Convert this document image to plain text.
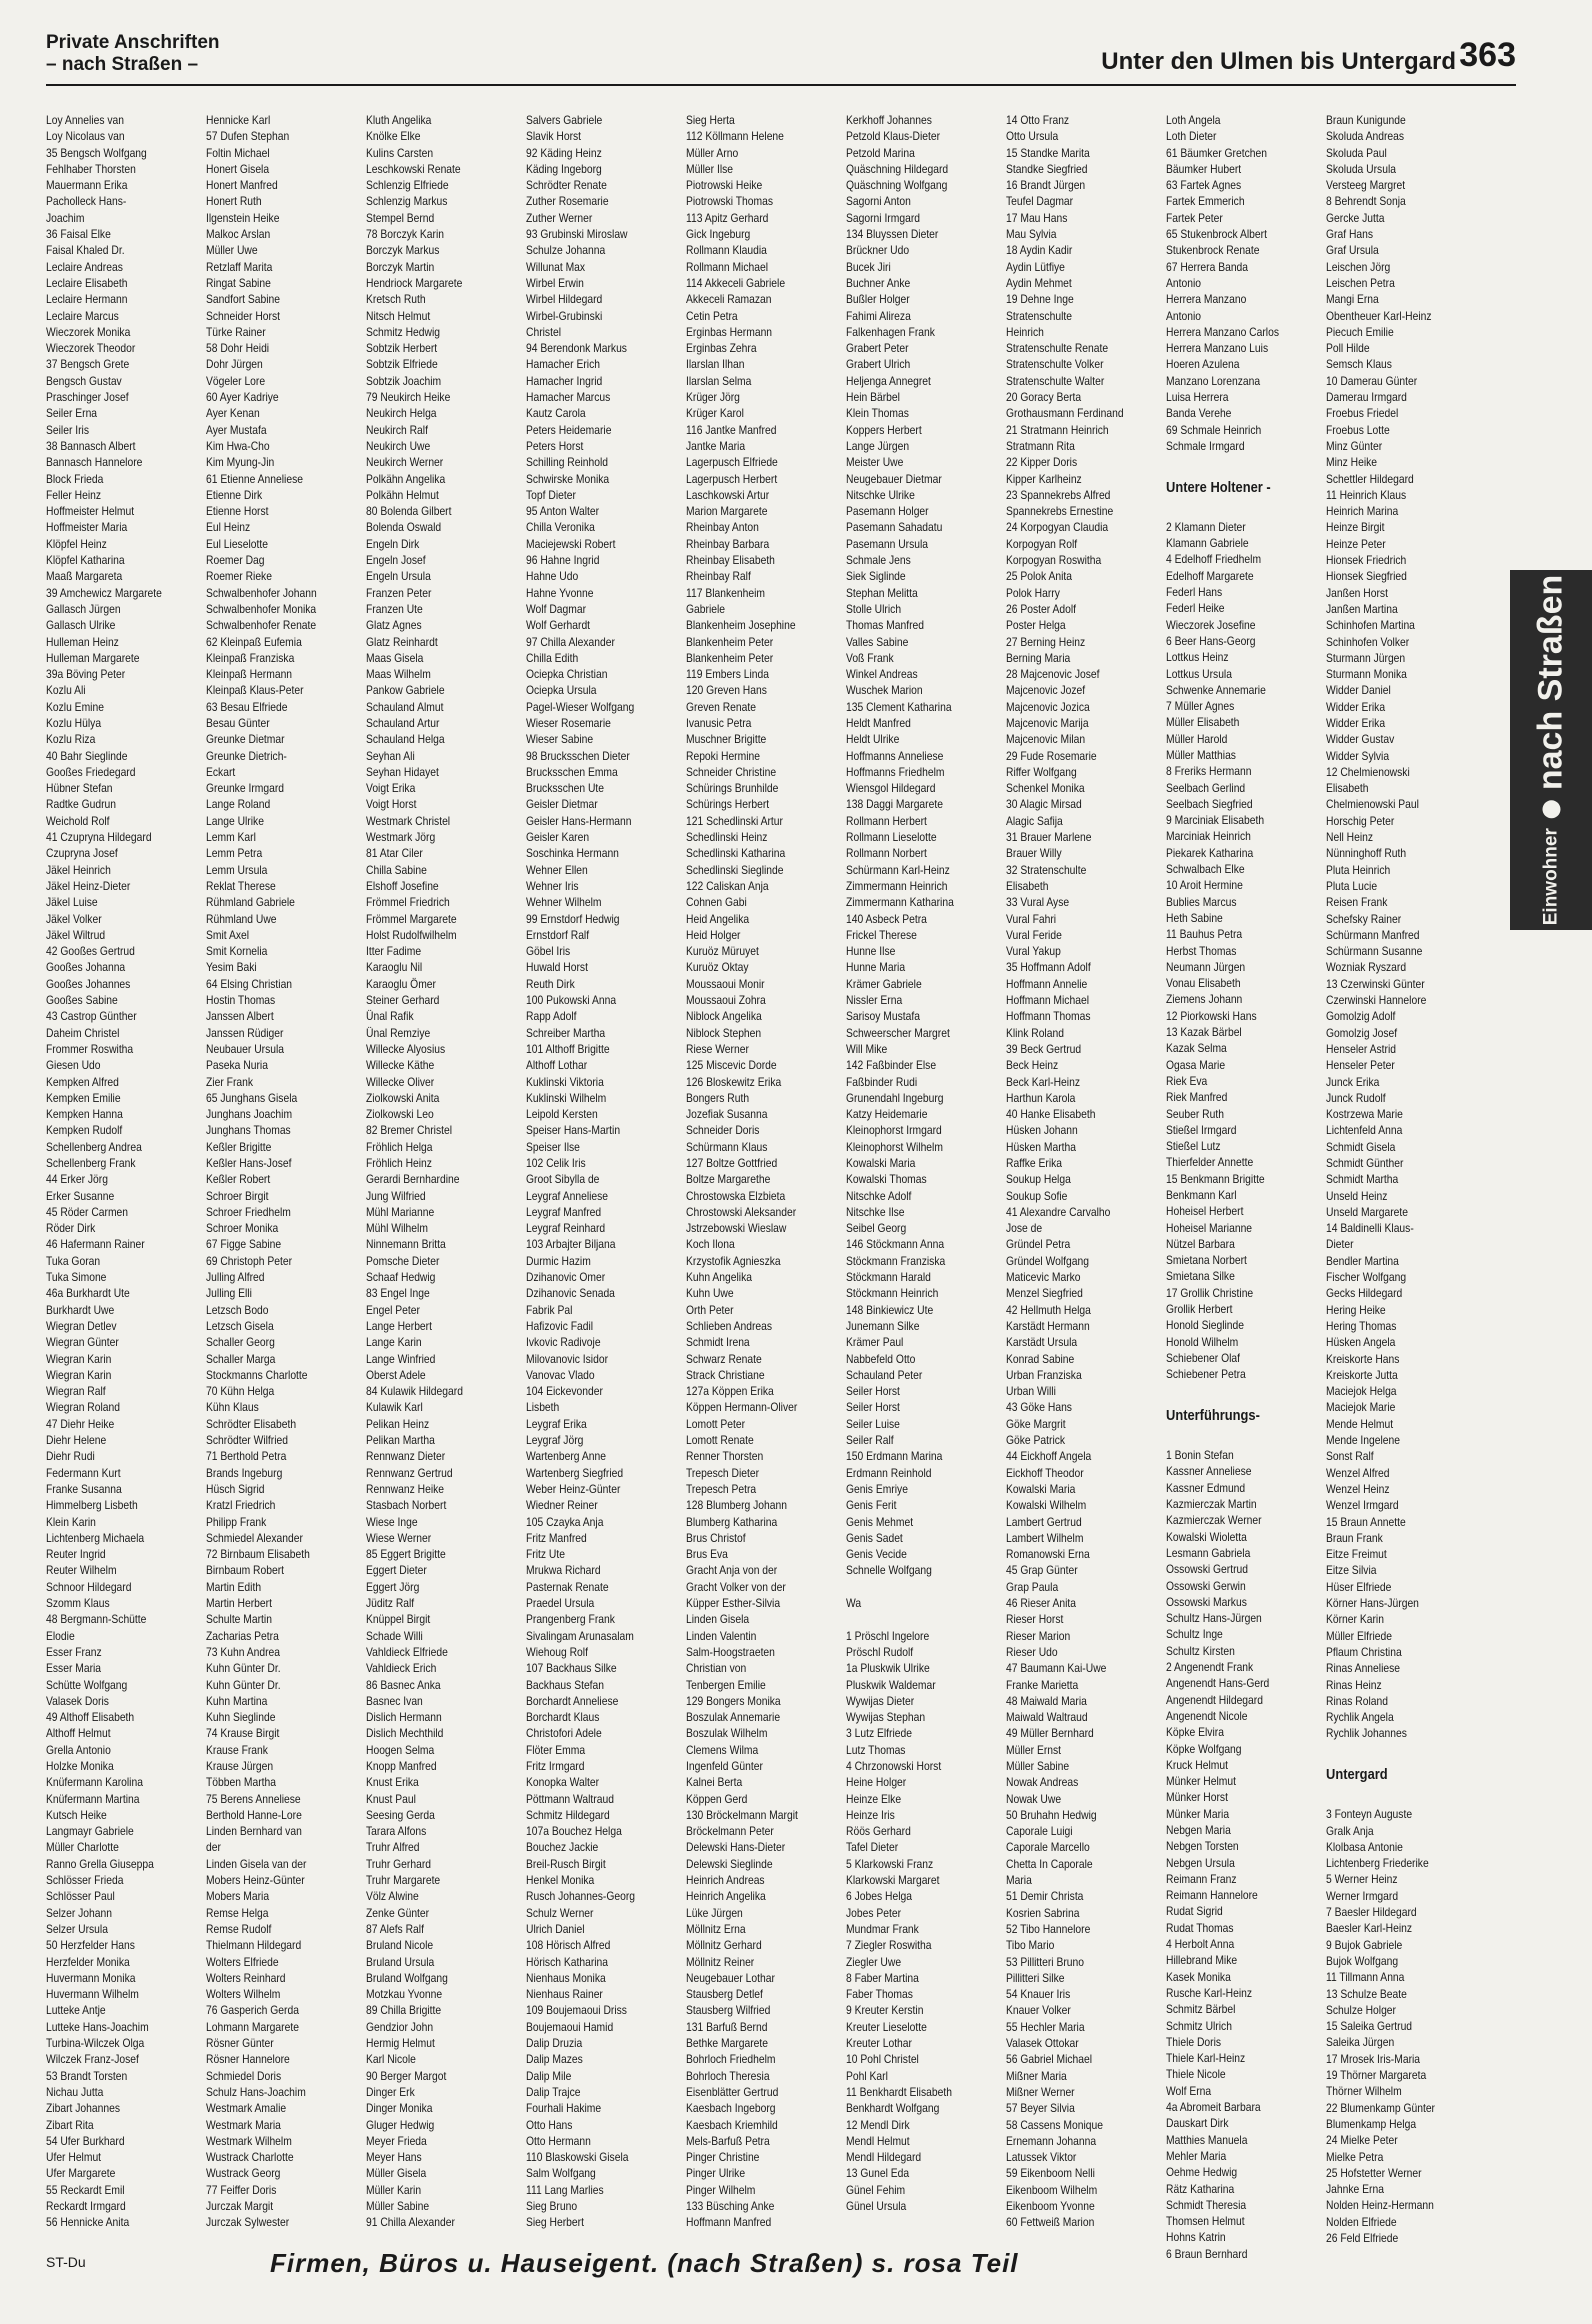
Private Anschriften
– nach Straßen –	Unter den Ulmen bis Untergard 363
Loy Annelies van
Loy Nicolaus van
35 Bengsch Wolfgang
Fehlhaber Thorsten
Mauermann Erika
Pacholleck Hans-
Joachim
36 Faisal Elke
Faisal Khaled Dr.
Leclaire Andreas
Leclaire Elisabeth
Leclaire Hermann
Leclaire Marcus
Wieczorek Monika
Wieczorek Theodor
37 Bengsch Grete
Bengsch Gustav
Praschinger Josef
Seiler Erna
Seiler Iris
38 Bannasch Albert
Bannasch Hannelore
Block Frieda
Feller Heinz
Hoffmeister Helmut
Hoffmeister Maria
Klöpfel Heinz
Klöpfel Katharina
Maaß Margareta
39 Amchewicz Margarete
Gallasch Jürgen
Gallasch Ulrike
Hulleman Heinz
Hulleman Margarete
39a Böving Peter
Kozlu Ali
Kozlu Emine
Kozlu Hülya
Kozlu Riza
40 Bahr Sieglinde
Gooßes Friedegard
Hübner Stefan
Radtke Gudrun
Weichold Rolf
41 Czupryna Hildegard
Czupryna Josef
Jäkel Heinrich
Jäkel Heinz-Dieter
Jäkel Luise
Jäkel Volker
Jäkel Wiltrud
42 Gooßes Gertrud
Gooßes Johanna
Gooßes Johannes
Gooßes Sabine
43 Castrop Günther
Daheim Christel
Frommer Roswitha
Giesen Udo
Kempken Alfred
Kempken Emilie
Kempken Hanna
Kempken Rudolf
Schellenberg Andrea
Schellenberg Frank
44 Erker Jörg
Erker Susanne
45 Röder Carmen
Röder Dirk
46 Hafermann Rainer
Tuka Goran
Tuka Simone
46a Burkhardt Ute
Burkhardt Uwe
Wiegran Detlev
Wiegran Günter
Wiegran Karin
Wiegran Karin
Wiegran Ralf
Wiegran Roland
47 Diehr Heike
Diehr Helene
Diehr Rudi
Federmann Kurt
Franke Susanna
Himmelberg Lisbeth
Klein Karin
Lichtenberg Michaela
Reuter Ingrid
Reuter Wilhelm
Schnoor Hildegard
Szomm Klaus
48 Bergmann-Schütte
Elodie
Esser Franz
Esser Maria
Schütte Wolfgang
Valasek Doris
49 Althoff Elisabeth
Althoff Helmut
Grella Antonio
Holzke Monika
Knüfermann Karolina
Knüfermann Martina
Kutsch Heike
Langmayr Gabriele
Müller Charlotte
Ranno Grella Giuseppa
Schlösser Frieda
Schlösser Paul
Selzer Johann
Selzer Ursula
50 Herzfelder Hans
Herzfelder Monika
Huvermann Monika
Huvermann Wilhelm
Lutteke Antje
Lutteke Hans-Joachim
Turbina-Wilczek Olga
Wilczek Franz-Josef
53 Brandt Torsten
Nichau Jutta
Zibart Johannes
Zibart Rita
54 Ufer Burkhard
Ufer Helmut
Ufer Margarete
55 Reckardt Emil
Reckardt Irmgard
56 Hennicke Anita
Hennicke Karl
57 Dufen Stephan
Foltin Michael
Honert Gisela
Honert Manfred
Honert Ruth
Ilgenstein Heike
Malkoc Arslan
Müller Uwe
Retzlaff Marita
Ringat Sabine
Sandfort Sabine
Schneider Horst
Türke Rainer
58 Dohr Heidi
Dohr Jürgen
Vögeler Lore
60 Ayer Kadriye
Ayer Kenan
Ayer Mustafa
Kim Hwa-Cho
Kim Myung-Jin
61 Etienne Anneliese
Etienne Dirk
Etienne Horst
Eul Heinz
Eul Lieselotte
Roemer Dag
Roemer Rieke
Schwalbenhofer Johann
Schwalbenhofer Monika
Schwalbenhofer Renate
62 Kleinpaß Eufemia
Kleinpaß Franziska
Kleinpaß Hermann
Kleinpaß Klaus-Peter
63 Besau Elfriede
Besau Günter
Greunke Dietmar
Greunke Dietrich-
Eckart
Greunke Irmgard
Lange Roland
Lange Ulrike
Lemm Karl
Lemm Petra
Lemm Ursula
Reklat Therese
Rühmland Gabriele
Rühmland Uwe
Smit Axel
Smit Kornelia
Yesim Baki
64 Elsing Christian
Hostin Thomas
Janssen Albert
Janssen Rüdiger
Neubauer Ursula
Paseka Nuria
Zier Frank
65 Junghans Gisela
Junghans Joachim
Junghans Thomas
Keßler Brigitte
Keßler Hans-Josef
Keßler Robert
Schroer Birgit
Schroer Friedhelm
Schroer Monika
67 Figge Sabine
69 Christoph Peter
Julling Alfred
Julling Elli
Letzsch Bodo
Letzsch Gisela
Schaller Georg
Schaller Marga
Stockmanns Charlotte
70 Kühn Helga
Kühn Klaus
Schrödter Elisabeth
Schrödter Wilfried
71 Berthold Petra
Brands Ingeburg
Hüsch Sigrid
Kratzl Friedrich
Philipp Frank
Schmiedel Alexander
72 Birnbaum Elisabeth
Birnbaum Robert
Martin Edith
Martin Herbert
Schulte Martin
Zacharias Petra
73 Kuhn Andrea
Kuhn Günter Dr.
Kuhn Günter Dr.
Kuhn Martina
Kuhn Sieglinde
74 Krause Birgit
Krause Frank
Krause Jürgen
Többen Martha
75 Berens Anneliese
Berthold Hanne-Lore
Linden Bernhard van
der
Linden Gisela van der
Mobers Heinz-Günter
Mobers Maria
Remse Helga
Remse Rudolf
Thielmann Hildegard
Wolters Elfriede
Wolters Reinhard
Wolters Wilhelm
76 Gasperich Gerda
Lohmann Margarete
Rösner Günter
Rösner Hannelore
Schmiedel Doris
Schulz Hans-Joachim
Westmark Amalie
Westmark Maria
Westmark Wilhelm
Wustrack Charlotte
Wustrack Georg
77 Feiffer Doris
Jurczak Margit
Jurczak Sylwester
Kluth Angelika
Knölke Elke
Kulins Carsten
Leschkowski Renate
Schlenzig Elfriede
Schlenzig Markus
Stempel Bernd
78 Borczyk Karin
Borczyk Markus
Borczyk Martin
Hendriock Margarete
Kretsch Ruth
Nitsch Helmut
Schmitz Hedwig
Sobtzik Herbert
Sobtzik Elfriede
Sobtzik Joachim
79 Neukirch Heike
Neukirch Helga
Neukirch Ralf
Neukirch Uwe
Neukirch Werner
Polkähn Angelika
Polkähn Helmut
80 Bolenda Gilbert
Bolenda Oswald
Engeln Dirk
Engeln Josef
Engeln Ursula
Franzen Peter
Franzen Ute
Glatz Agnes
Glatz Reinhardt
Maas Gisela
Maas Wilhelm
Pankow Gabriele
Schauland Almut
Schauland Artur
Schauland Helga
Seyhan Ali
Seyhan Hidayet
Voigt Erika
Voigt Horst
Westmark Christel
Westmark Jörg
81 Atar Ciler
Chilla Sabine
Elshoff Josefine
Frömmel Friedrich
Frömmel Margarete
Holst Rudolfwilhelm
Itter Fadime
Karaoglu Nil
Karaoglu Ömer
Steiner Gerhard
Ünal Rafik
Ünal Remziye
Willecke Alyosius
Willecke Käthe
Willecke Oliver
Ziolkowski Anita
Ziolkowski Leo
82 Bremer Christel
Fröhlich Helga
Fröhlich Heinz
Gerardi Bernhardine
Jung Wilfried
Mühl Marianne
Mühl Wilhelm
Ninnemann Britta
Pomsche Dieter
Schaaf Hedwig
83 Engel Inge
Engel Peter
Lange Herbert
Lange Karin
Lange Winfried
Oberst Adele
84 Kulawik Hildegard
Kulawik Karl
Pelikan Heinz
Pelikan Martha
Rennwanz Dieter
Rennwanz Gertrud
Rennwanz Heike
Stasbach Norbert
Wiese Inge
Wiese Werner
85 Eggert Brigitte
Eggert Dieter
Eggert Jörg
Jüditz Ralf
Knüppel Birgit
Schade Willi
Vahldieck Elfriede
Vahldieck Erich
86 Basnec Anka
Basnec Ivan
Dislich Hermann
Dislich Mechthild
Hoogen Selma
Knopp Manfred
Knust Erika
Knust Paul
Seesing Gerda
Tarara Alfons
Truhr Alfred
Truhr Gerhard
Truhr Margarete
Völz Alwine
Zenke Günter
87 Alefs Ralf
Bruland Nicole
Bruland Ursula
Bruland Wolfgang
Motzkau Yvonne
89 Chilla Brigitte
Gendzior John
Hermig Helmut
Karl Nicole
90 Berger Margot
Dinger Erk
Dinger Monika
Gluger Hedwig
Meyer Frieda
Meyer Hans
Müller Gisela
Müller Karin
Müller Sabine
91 Chilla Alexander
Salvers Gabriele
Slavik Horst
92 Käding Heinz
Käding Ingeborg
Schrödter Renate
Zuther Rosemarie
Zuther Werner
93 Grubinski Miroslaw
Schulze Johanna
Willunat Max
Wirbel Erwin
Wirbel Hildegard
Wirbel-Grubinski
Christel
94 Berendonk Markus
Hamacher Erich
Hamacher Ingrid
Hamacher Marcus
Kautz Carola
Peters Heidemarie
Peters Horst
Schilling Reinhold
Schwirske Monika
Topf Dieter
95 Anton Walter
Chilla Veronika
Maciejewski Robert
96 Hahne Ingrid
Hahne Udo
Hahne Yvonne
Wolf Dagmar
Wolf Gerhardt
97 Chilla Alexander
Chilla Edith
Ociepka Christian
Ociepka Ursula
Pagel-Wieser Wolfgang
Wieser Rosemarie
Wieser Sabine
98 Brucksschen Dieter
Brucksschen Emma
Brucksschen Ute
Geisler Dietmar
Geisler Hans-Hermann
Geisler Karen
Soschinka Hermann
Wehner Ellen
Wehner Iris
Wehner Wilhelm
99 Ernstdorf Hedwig
Ernstdorf Ralf
Göbel Iris
Huwald Horst
Reuth Dirk
100 Pukowski Anna
Rapp Adolf
Schreiber Martha
101 Althoff Brigitte
Althoff Lothar
Kuklinski Viktoria
Kuklinski Wilhelm
Leipold Kersten
Speiser Hans-Martin
Speiser Ilse
102 Celik Iris
Groot Sibylla de
Leygraf Anneliese
Leygraf Manfred
Leygraf Reinhard
103 Arbajter Biljana
Durmic Hazim
Dzihanovic Omer
Dzihanovic Senada
Fabrik Pal
Hafizovic Fadil
Ivkovic Radivoje
Milovanovic Isidor
Vanovac Vlado
104 Eickevonder
Lisbeth
Leygraf Erika
Leygraf Jörg
Wartenberg Anne
Wartenberg Siegfried
Weber Heinz-Günter
Wiedner Reiner
105 Czayka Anja
Fritz Manfred
Fritz Ute
Mrukwa Richard
Pasternak Renate
Praedel Ursula
Prangenberg Frank
Sivalingam Arunasalam
Wiehoug Rolf
107 Backhaus Silke
Backhaus Stefan
Borchardt Anneliese
Borchardt Klaus
Christofori Adele
Flöter Emma
Fritz Irmgard
Konopka Walter
Pöttmann Waltraud
Schmitz Hildegard
107a Bouchez Helga
Bouchez Jackie
Breil-Rusch Birgit
Henkel Monika
Rusch Johannes-Georg
Schulz Werner
Ulrich Daniel
108 Hörisch Alfred
Hörisch Katharina
Nienhaus Monika
Nienhaus Rainer
109 Boujemaoui Driss
Boujemaoui Hamid
Dalip Druzia
Dalip Mazes
Dalip Mile
Dalip Trajce
Fourhali Hakime
Otto Hans
Otto Hermann
110 Blaskowski Gisela
Salm Wolfgang
111 Lang Marlies
Sieg Bruno
Sieg Herbert
Sieg Herta
112 Köllmann Helene
Müller Arno
Müller Ilse
Piotrowski Heike
Piotrowski Thomas
113 Apitz Gerhard
Gick Ingeburg
Rollmann Klaudia
Rollmann Michael
114 Akkeceli Gabriele
Akkeceli Ramazan
Cetin Petra
Erginbas Hermann
Erginbas Zehra
Ilarslan Ilhan
Ilarslan Selma
Krüger Jörg
Krüger Karol
116 Jantke Manfred
Jantke Maria
Lagerpusch Elfriede
Lagerpusch Herbert
Laschkowski Artur
Marion Margarete
Rheinbay Anton
Rheinbay Barbara
Rheinbay Elisabeth
Rheinbay Ralf
117 Blankenheim
Gabriele
Blankenheim Josephine
Blankenheim Peter
Blankenheim Peter
119 Embers Linda
120 Greven Hans
Greven Renate
Ivanusic Petra
Muschner Brigitte
Repoki Hermine
Schneider Christine
Schürings Brunhilde
Schürings Herbert
121 Schedlinski Artur
Schedlinski Heinz
Schedlinski Katharina
Schedlinski Sieglinde
122 Caliskan Anja
Cohnen Gabi
Heid Angelika
Heid Holger
Kuruöz Müruyet
Kuruöz Oktay
Moussaoui Monir
Moussaoui Zohra
Niblock Angelika
Niblock Stephen
Riese Werner
125 Miscevic Dorde
126 Bloskewitz Erika
Bongers Ruth
Jozefiak Susanna
Schneider Doris
Schürmann Klaus
127 Boltze Gottfried
Boltze Margarethe
Chrostowska Elzbieta
Chrostowski Aleksander
Jstrzebowski Wieslaw
Koch Ilona
Krzystofik Agnieszka
Kuhn Angelika
Kuhn Uwe
Orth Peter
Schlieben Andreas
Schmidt Irena
Schwarz Renate
Strack Christiane
127a Köppen Erika
Köppen Hermann-Oliver
Lomott Peter
Lomott Renate
Renner Thorsten
Trepesch Dieter
Trepesch Petra
128 Blumberg Johann
Blumberg Katharina
Brus Christof
Brus Eva
Gracht Anja von der
Gracht Volker von der
Küpper Esther-Silvia
Linden Gisela
Linden Valentin
Salm-Hoogstraeten
Christian von
Tenbergen Emilie
129 Bongers Monika
Boszulak Annemarie
Boszulak Wilhelm
Clemens Wilma
Ingenfeld Günter
Kalnei Berta
Köppen Gerd
130 Bröckelmann Margit
Bröckelmann Peter
Delewski Hans-Dieter
Delewski Sieglinde
Heinrich Andreas
Heinrich Angelika
Lüke Jürgen
Möllnitz Erna
Möllnitz Gerhard
Möllnitz Reiner
Neugebauer Lothar
Stausberg Detlef
Stausberg Wilfried
131 Barfuß Bernd
Bethke Margarete
Bohrloch Friedhelm
Bohrloch Theresia
Eisenblätter Gertrud
Kaesbach Ingeborg
Kaesbach Kriemhild
Mels-Barfuß Petra
Pinger Christine
Pinger Ulrike
Pinger Wilhelm
133 Büsching Anke
Hoffmann Manfred
Kerkhoff Johannes
Petzold Klaus-Dieter
Petzold Marina
Quäschning Hildegard
Quäschning Wolfgang
Sagorni Anton
Sagorni Irmgard
134 Bluyssen Dieter
Brückner Udo
Bucek Jiri
Buchner Anke
Bußler Holger
Fahimi Alireza
Falkenhagen Frank
Grabert Peter
Grabert Ulrich
Heljenga Annegret
Hein Bärbel
Klein Thomas
Koppers Herbert
Lange Jürgen
Meister Uwe
Neugebauer Dietmar
Nitschke Ulrike
Pasemann Holger
Pasemann Sahadatu
Pasemann Ursula
Schmale Jens
Siek Siglinde
Stephan Melitta
Stolle Ulrich
Thomas Manfred
Valles Sabine
Voß Frank
Winkel Andreas
Wuschek Marion
135 Clement Katharina
Heldt Manfred
Heldt Ulrike
Hoffmanns Anneliese
Hoffmanns Friedhelm
Wiensgol Hildegard
138 Daggi Margarete
Rollmann Herbert
Rollmann Lieselotte
Rollmann Norbert
Schürmann Karl-Heinz
Zimmermann Heinrich
Zimmermann Katharina
140 Asbeck Petra
Frickel Therese
Hunne Ilse
Hunne Maria
Krämer Gabriele
Nissler Erna
Sarisoy Mustafa
Schweerscher Margret
Will Mike
142 Faßbinder Else
Faßbinder Rudi
Grunendahl Ingeburg
Katzy Heidemarie
Kleinophorst Irmgard
Kleinophorst Wilhelm
Kowalski Maria
Kowalski Thomas
Nitschke Adolf
Nitschke Ilse
Seibel Georg
146 Stöckmann Anna
Stöckmann Franziska
Stöckmann Harald
Stöckmann Heinrich
148 Binkiewicz Ute
Junemann Silke
Krämer Paul
Nabbefeld Otto
Schauland Peter
Seiler Horst
Seiler Horst
Seiler Luise
Seiler Ralf
150 Erdmann Marina
Erdmann Reinhold
Genis Emriye
Genis Ferit
Genis Mehmet
Genis Sadet
Genis Vecide
Schnelle Wolfgang

Wa

1 Pröschl Ingelore
Pröschl Rudolf
1a Pluskwik Ulrike
Pluskwik Waldemar
Wywijas Dieter
Wywijas Stephan
3 Lutz Elfriede
Lutz Thomas
4 Chrzonowski Horst
Heine Holger
Heinze Elke
Heinze Iris
Röös Gerhard
Tafel Dieter
5 Klarkowski Franz
Klarkowski Margaret
6 Jobes Helga
Jobes Peter
Mundmar Frank
7 Ziegler Roswitha
Ziegler Uwe
8 Faber Martina
Faber Thomas
9 Kreuter Kerstin
Kreuter Lieselotte
Kreuter Lothar
10 Pohl Christel
Pohl Karl
11 Benkhardt Elisabeth
Benkhardt Wolfgang
12 Mendl Dirk
Mendl Helmut
Mendl Hildegard
13 Gunel Eda
Günel Fehim
Günel Ursula
14 Otto Franz
Otto Ursula
15 Standke Marita
Standke Siegfried
16 Brandt Jürgen
Teufel Dagmar
17 Mau Hans
Mau Sylvia
18 Aydin Kadir
Aydin Lütfiye
Aydin Mehmet
19 Dehne Inge
Stratenschulte
Heinrich
Stratenschulte Renate
Stratenschulte Volker
Stratenschulte Walter
20 Goracy Berta
Grothausmann Ferdinand
21 Stratmann Heinrich
Stratmann Rita
22 Kipper Doris
Kipper Karlheinz
23 Spannekrebs Alfred
Spannekrebs Ernestine
24 Korpogyan Claudia
Korpogyan Rolf
Korpogyan Roswitha
25 Polok Anita
Polok Harry
26 Poster Adolf
Poster Helga
27 Berning Heinz
Berning Maria
28 Majcenovic Josef
Majcenovic Jozef
Majcenovic Jozica
Majcenovic Marija
Majcenovic Milan
29 Fude Rosemarie
Riffer Wolfgang
Schenkel Monika
30 Alagic Mirsad
Alagic Safija
31 Brauer Marlene
Brauer Willy
32 Stratenschulte
Elisabeth
33 Vural Ayse
Vural Fahri
Vural Feride
Vural Yakup
35 Hoffmann Adolf
Hoffmann Annelie
Hoffmann Michael
Hoffmann Thomas
Klink Roland
39 Beck Gertrud
Beck Heinz
Beck Karl-Heinz
Harthun Karola
40 Hanke Elisabeth
Hüsken Johann
Hüsken Martha
Raffke Erika
Soukup Helga
Soukup Sofie
41 Alexandre Carvalho
Jose de
Gründel Petra
Gründel Wolfgang
Maticevic Marko
Menzel Siegfried
42 Hellmuth Helga
Karstädt Hermann
Karstädt Ursula
Konrad Sabine
Urban Franziska
Urban Willi
43 Göke Hans
Göke Margrit
Göke Patrick
44 Eickhoff Angela
Eickhoff Theodor
Kowalski Maria
Kowalski Wilhelm
Lambert Gertrud
Lambert Wilhelm
Romanowski Erna
45 Grap Günter
Grap Paula
46 Rieser Anita
Rieser Horst
Rieser Marion
Rieser Udo
47 Baumann Kai-Uwe
Franke Marietta
48 Maiwald Maria
Maiwald Waltraud
49 Müller Bernhard
Müller Ernst
Müller Sabine
Nowak Andreas
Nowak Uwe
50 Bruhahn Hedwig
Caporale Luigi
Caporale Marcello
Chetta In Caporale
Maria
51 Demir Christa
Kosrien Sabrina
52 Tibo Hannelore
Tibo Mario
53 Pillitteri Bruno
Pillitteri Silke
54 Knauer Iris
Knauer Volker
55 Hechler Maria
Valasek Ottokar
56 Gabriel Michael
Mißner Maria
Mißner Werner
57 Beyer Silvia
58 Cassens Monique
Ernemann Johanna
Latussek Viktor
59 Eikenboom Nelli
Eikenboom Wilhelm
Eikenboom Yvonne
60 Fettweiß Marion
Loth Angela
Loth Dieter
61 Bäumker Gretchen
Bäumker Hubert
63 Fartek Agnes
Fartek Emmerich
Fartek Peter
65 Stukenbrock Albert
Stukenbrock Renate
67 Herrera Banda
Antonio
Herrera Manzano
Antonio
Herrera Manzano Carlos
Herrera Manzano Luis
Hoeren Azulena
Manzano Lorenzana
Luisa Herrera
Banda Verehe
69 Schmale Heinrich
Schmale Irmgard

Untere Holtener -

2 Klamann Dieter
Klamann Gabriele
4 Edelhoff Friedhelm
Edelhoff Margarete
Federl Hans
Federl Heike
Wieczorek Josefine
6 Beer Hans-Georg
Lottkus Heinz
Lottkus Ursula
Schwenke Annemarie
7 Müller Agnes
Müller Elisabeth
Müller Harold
Müller Matthias
8 Freriks Hermann
Seelbach Gerlind
Seelbach Siegfried
9 Marciniak Elisabeth
Marciniak Heinrich
Piekarek Katharina
Schwalbach Elke
10 Aroit Hermine
Bublies Marcus
Heth Sabine
11 Bauhus Petra
Herbst Thomas
Neumann Jürgen
Vonau Elisabeth
Ziemens Johann
12 Piorkowski Hans
13 Kazak Bärbel
Kazak Selma
Ogasa Marie
Riek Eva
Riek Manfred
Seuber Ruth
Stießel Irmgard
Stießel Lutz
Thierfelder Annette
15 Benkmann Brigitte
Benkmann Karl
Hoheisel Herbert
Hoheisel Marianne
Nützel Barbara
Smietana Norbert
Smietana Silke
17 Grollik Christine
Grollik Herbert
Honold Sieglinde
Honold Wilhelm
Schiebener Olaf
Schiebener Petra

Unterführungs-

1 Bonin Stefan
Kassner Anneliese
Kassner Edmund
Kazmierczak Martin
Kazmierczak Werner
Kowalski Wioletta
Lesmann Gabriela
Ossowski Gertrud
Ossowski Gerwin
Ossowski Markus
Schultz Hans-Jürgen
Schultz Inge
Schultz Kirsten
2 Angenendt Frank
Angenendt Hans-Gerd
Angenendt Hildegard
Angenendt Nicole
Köpke Elvira
Köpke Wolfgang
Kruck Helmut
Münker Helmut
Münker Horst
Münker Maria
Nebgen Maria
Nebgen Torsten
Nebgen Ursula
Reimann Franz
Reimann Hannelore
Rudat Sigrid
Rudat Thomas
4 Herbolt Anna
Hillebrand Mike
Kasek Monika
Rusche Karl-Heinz
Schmitz Bärbel
Schmitz Ulrich
Thiele Doris
Thiele Karl-Heinz
Thiele Nicole
Wolf Erna
4a Abromeit Barbara
Dauskart Dirk
Matthies Manuela
Mehler Maria
Oehme Hedwig
Rätz Katharina
Schmidt Theresia
Thomsen Helmut
Hohns Katrin
6 Braun Bernhard
Braun Kunigunde
Skoluda Andreas
Skoluda Paul
Skoluda Ursula
Versteeg Margret
8 Behrendt Sonja
Gercke Jutta
Graf Hans
Graf Ursula
Leischen Jörg
Leischen Petra
Mangi Erna
Obentheuer Karl-Heinz
Piecuch Emilie
Poll Hilde
Semsch Klaus
10 Damerau Günter
Damerau Irmgard
Froebus Friedel
Froebus Lotte
Minz Günter
Minz Heike
Schettler Hildegard
11 Heinrich Klaus
Heinrich Marina
Heinze Birgit
Heinze Peter
Hionsek Friedrich
Hionsek Siegfried
Janßen Horst
Janßen Martina
Schinhofen Martina
Schinhofen Volker
Sturmann Jürgen
Sturmann Monika
Widder Daniel
Widder Erika
Widder Erika
Widder Gustav
Widder Sylvia
12 Chelmienowski
Elisabeth
Chelmienowski Paul
Horschig Peter
Nell Heinz
Nünninghoff Ruth
Pluta Heinrich
Pluta Lucie
Reisen Frank
Schefsky Rainer
Schürmann Manfred
Schürmann Susanne
Wozniak Ryszard
13 Czerwinski Günter
Czerwinski Hannelore
Gomolzig Adolf
Gomolzig Josef
Henseler Astrid
Henseler Peter
Junck Erika
Junck Rudolf
Kostrzewa Marie
Lichtenfeld Anna
Schmidt Gisela
Schmidt Günther
Schmidt Martha
Unseld Heinz
Unseld Margarete
14 Baldinelli Klaus-
Dieter
Bendler Martina
Fischer Wolfgang
Gecks Hildegard
Hering Heike
Hering Thomas
Hüsken Angela
Kreiskorte Hans
Kreiskorte Jutta
Maciejok Helga
Maciejok Marie
Mende Helmut
Mende Ingelene
Sonst Ralf
Wenzel Alfred
Wenzel Heinz
Wenzel Irmgard
15 Braun Annette
Braun Frank
Eitze Freimut
Eitze Silvia
Hüser Elfriede
Körner Hans-Jürgen
Körner Karin
Müller Elfriede
Pflaum Christina
Rinas Anneliese
Rinas Heinz
Rinas Roland
Rychlik Angela
Rychlik Johannes

Untergard

3 Fonteyn Auguste
Gralk Anja
Klolbasa Antonie
Lichtenberg Friederike
5 Werner Heinz
Werner Irmgard
7 Baesler Hildegard
Baesler Karl-Heinz
9 Bujok Gabriele
Bujok Wolfgang
11 Tillmann Anna
13 Schulze Beate
Schulze Holger
15 Saleika Gertrud
Saleika Jürgen
17 Mrosek Iris-Maria
19 Thörner Margareta
Thörner Wilhelm
22 Blumenkamp Günter
Blumenkamp Helga
24 Mielke Peter
Mielke Petra
25 Hofstetter Werner
Jahnke Erna
Nolden Heinz-Hermann
Nolden Elfriede
26 Feld Elfriede
Einwohner
nach Straßen
ST-Du	Firmen, Büros u. Hauseigent. (nach Straßen) s. rosa Teil
